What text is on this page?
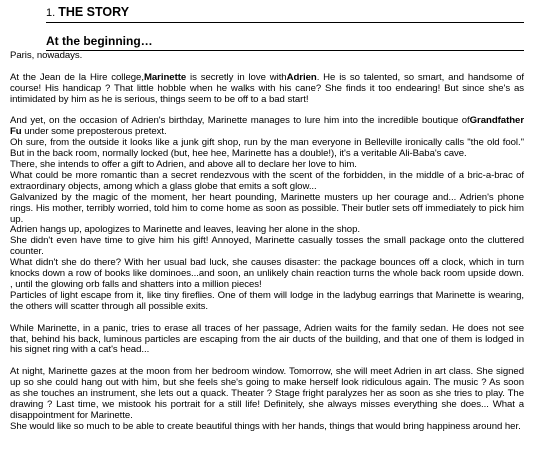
1. THE STORY
At the beginning…

Paris, nowadays.

At the Jean de la Hire college,Marinette is secretly in love withAdrien. He is so talented, so smart, and handsome of course! His handicap ? That little hobble when he walks with his cane? She finds it too endearing! But since she's as intimidated by him as he is serious, things seem to be off to a bad start!

And yet, on the occasion of Adrien's birthday, Marinette manages to lure him into the incredible boutique ofGrandfather Fu under some preposterous pretext.

Oh sure, from the outside it looks like a junk gift shop, run by the man everyone in Belleville ironically calls "the old fool." But in the back room, normally locked (but, hee hee, Marinette has a double!), it's a veritable Ali-Baba's cave.

There, she intends to offer a gift to Adrien, and above all to declare her love to him.

What could be more romantic than a secret rendezvous with the scent of the forbidden, in the middle of a bric-a-brac of extraordinary objects, among which a glass globe that emits a soft glow...

Galvanized by the magic of the moment, her heart pounding, Marinette musters up her courage and... Adrien's phone rings. His mother, terribly worried, told him to come home as soon as possible. Their butler sets off immediately to pick him up.

Adrien hangs up, apologizes to Marinette and leaves, leaving her alone in the shop.

She didn't even have time to give him his gift! Annoyed, Marinette casually tosses the small package onto the cluttered counter.

What didn't she do there? With her usual bad luck, she causes disaster: the package bounces off a clock, which in turn knocks down a row of books like dominoes...and soon, an unlikely chain reaction turns the whole back room upside down. , until the glowing orb falls and shatters into a million pieces!

Particles of light escape from it, like tiny fireflies. One of them will lodge in the ladybug earrings that Marinette is wearing, the others will scatter through all possible exits.

While Marinette, in a panic, tries to erase all traces of her passage, Adrien waits for the family sedan. He does not see that, behind his back, luminous particles are escaping from the air ducts of the building, and that one of them is lodged in his signet ring with a cat's head...

At night, Marinette gazes at the moon from her bedroom window. Tomorrow, she will meet Adrien in art class. She signed up so she could hang out with him, but she feels she's going to make herself look ridiculous again. The music ? As soon as she touches an instrument, she lets out a quack. Theater ? Stage fright paralyzes her as soon as she tries to play. The drawing ? Last time, we mistook his portrait for a still life! Definitely, she always misses everything she does... What a disappointment for Marinette.

She would like so much to be able to create beautiful things with her hands, things that would bring happiness around her.
